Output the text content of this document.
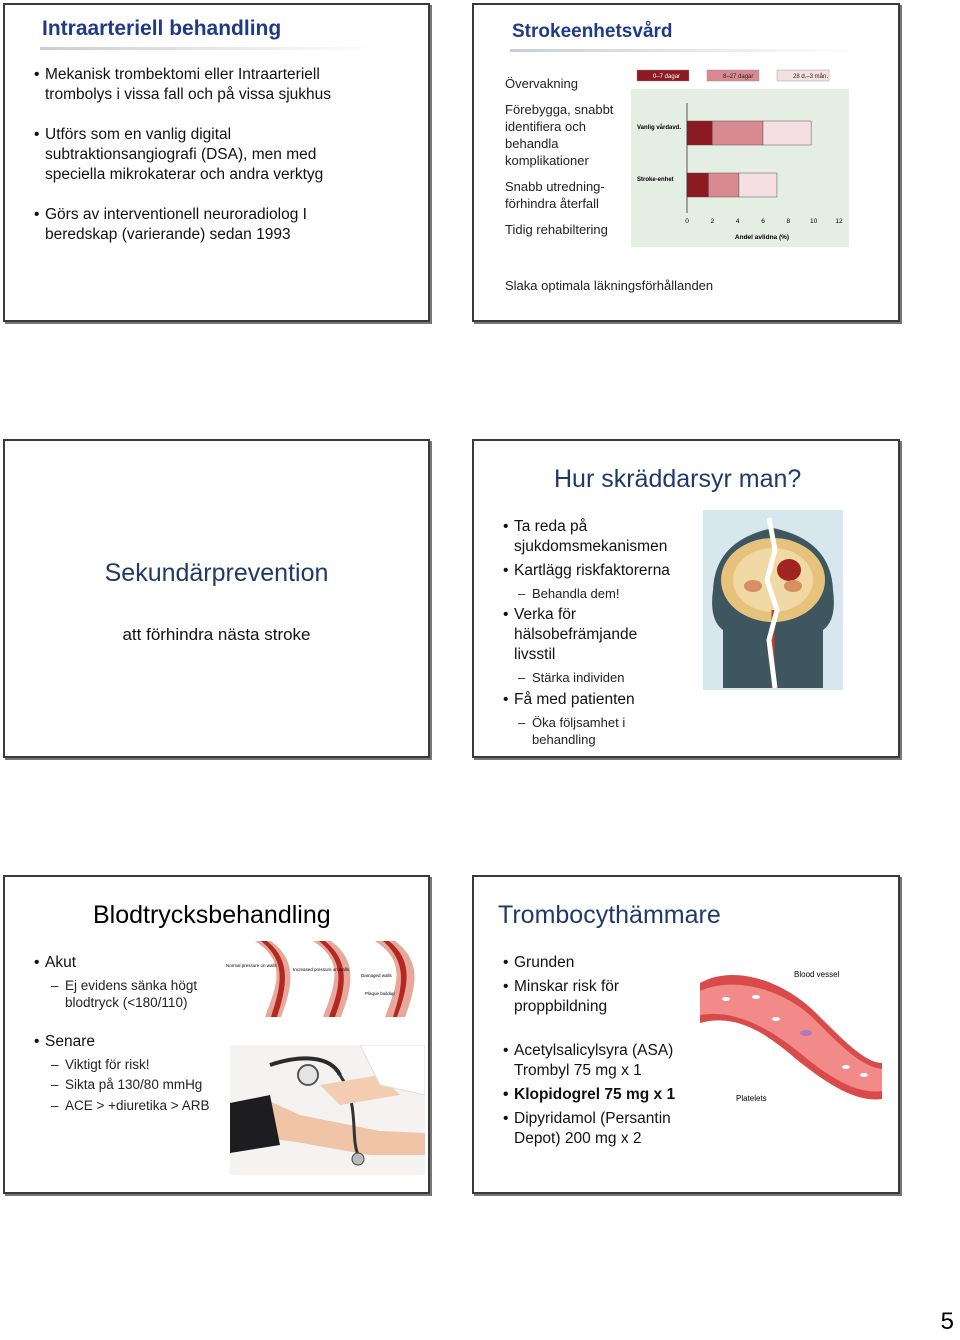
Intraarteriell behandling
• Mekanisk trombektomi eller Intraarteriell trombolys i vissa fall och på vissa sjukhus
• Utförs som en vanlig digital subtraktionsangiografi (DSA), men med speciella mikrokaterar och andra verktyg
• Görs av interventionell neuroradiolog I beredskap (varierande) sedan 1993
Strokeenhetsvård
Övervakning
Förebygga, snabbt identifiera och behandla komplikationer
Snabb utredning- förhindra återfall
Tidig rehabiltering
Slaka optimala läkningsförhållanden
0–7 dagar	8–27 dagar	28 d.–3 mån.
Vanlig vårdavd.
Stroke-enhet
0	2	4	6	8	10	12
Andel avlidna (%)
Sekundärprevention
att förhindra nästa stroke
Hur skräddarsyr man?
• Ta reda på sjukdomsmekanismen
• Kartlägg riskfaktorerna
– Behandla dem!
• Verka för hälsobefrämjande livsstil
– Stärka individen
• Få med patienten
– Öka följsamhet i behandling
Blodtrycksbehandling
• Akut
– Ej evidens sänka högt blodtryck (<180/110)
• Senare
– Viktigt för risk!
– Sikta på 130/80 mmHg
– ACE > +diuretika > ARB
Normal pressure on walls
Increased pressure on walls
Damaged walls
Plaque buildup
Trombocythämmare
• Grunden
• Minskar risk för proppbildning
• Acetylsalicylsyra (ASA) Trombyl 75 mg x 1
• Klopidogrel 75 mg x 1
• Dipyridamol (Persantin Depot) 200 mg x 2
Blood vessel
Platelets
5
